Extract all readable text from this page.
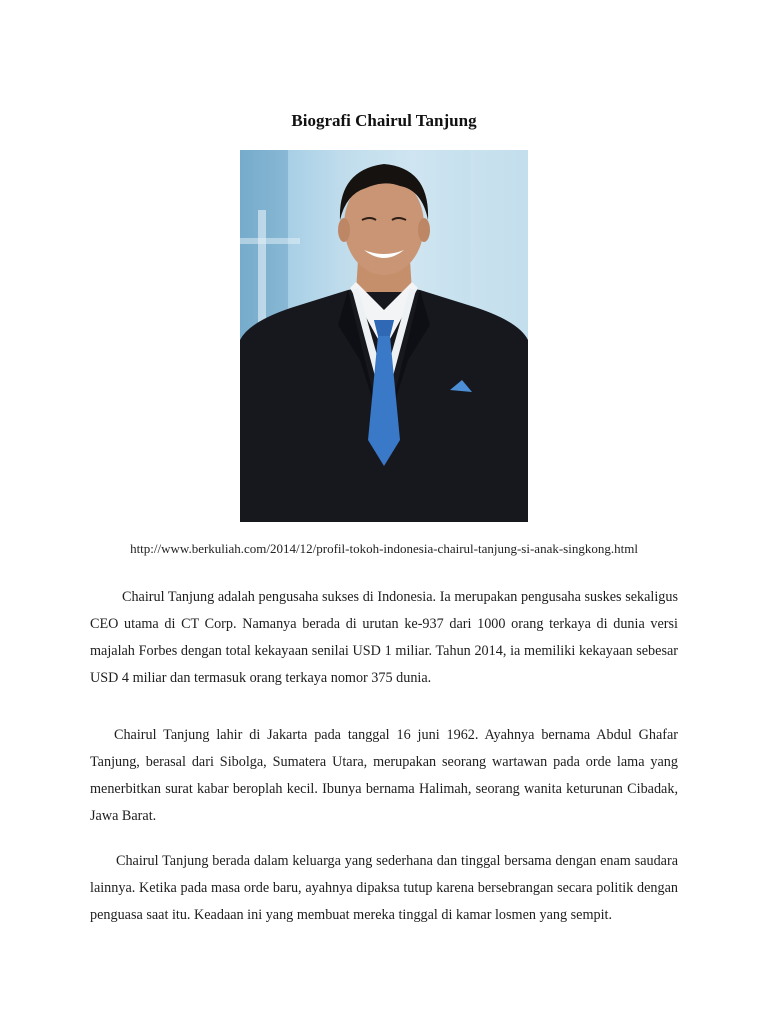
Biografi Chairul Tanjung
http://www.berkuliah.com/2014/12/profil-tokoh-indonesia-chairul-tanjung-si-anak-singkong.html

Chairul Tanjung adalah pengusaha sukses di Indonesia. Ia merupakan pengusaha suskes sekaligus CEO utama di CT Corp. Namanya berada di urutan ke-937 dari 1000 orang terkaya di dunia versi majalah Forbes dengan total kekayaan senilai USD 1 miliar. Tahun 2014, ia memiliki kekayaan sebesar USD 4 miliar dan termasuk orang terkaya nomor 375 dunia.

Chairul Tanjung lahir di Jakarta pada tanggal 16 juni 1962. Ayahnya bernama Abdul Ghafar Tanjung, berasal dari Sibolga, Sumatera Utara, merupakan seorang wartawan pada orde lama yang menerbitkan surat kabar beroplah kecil. Ibunya bernama Halimah, seorang wanita keturunan Cibadak, Jawa Barat.

Chairul Tanjung berada dalam keluarga yang sederhana dan tinggal bersama dengan enam saudara lainnya. Ketika pada masa orde baru, ayahnya dipaksa tutup karena bersebrangan secara politik dengan penguasa saat itu. Keadaan ini yang membuat mereka tinggal di kamar losmen yang sempit.
